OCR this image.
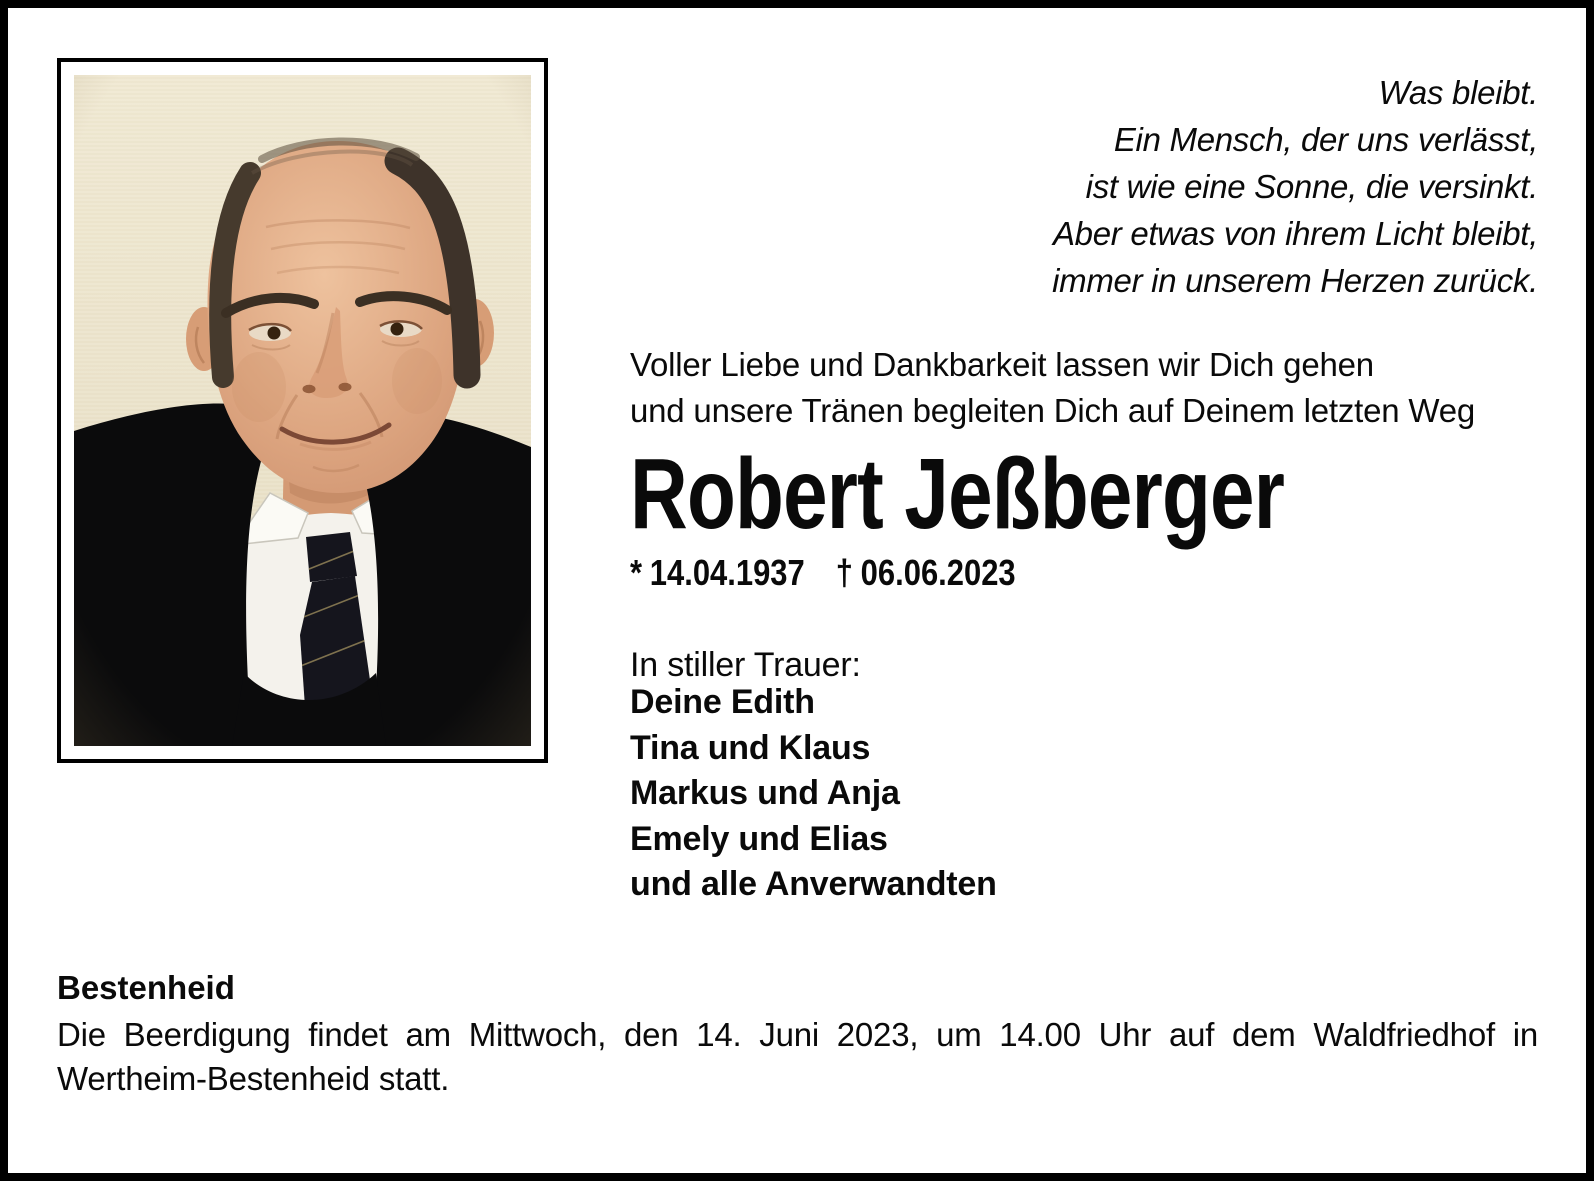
Was bleibt.
Ein Mensch, der uns verlässt,
ist wie eine Sonne, die versinkt.
Aber etwas von ihrem Licht bleibt,
immer in unserem Herzen zurück.
Voller Liebe und Dankbarkeit lassen wir Dich gehen
und unsere Tränen begleiten Dich auf Deinem letzten Weg
Robert Jeßberger
* 14.04.1937 † 06.06.2023
In stiller Trauer:
Deine Edith
Tina und Klaus
Markus und Anja
Emely und Elias
und alle Anverwandten
Bestenheid
Die Beerdigung findet am Mittwoch, den 14. Juni 2023, um 14.00 Uhr auf dem Waldfriedhof in
Wertheim-Bestenheid statt.
